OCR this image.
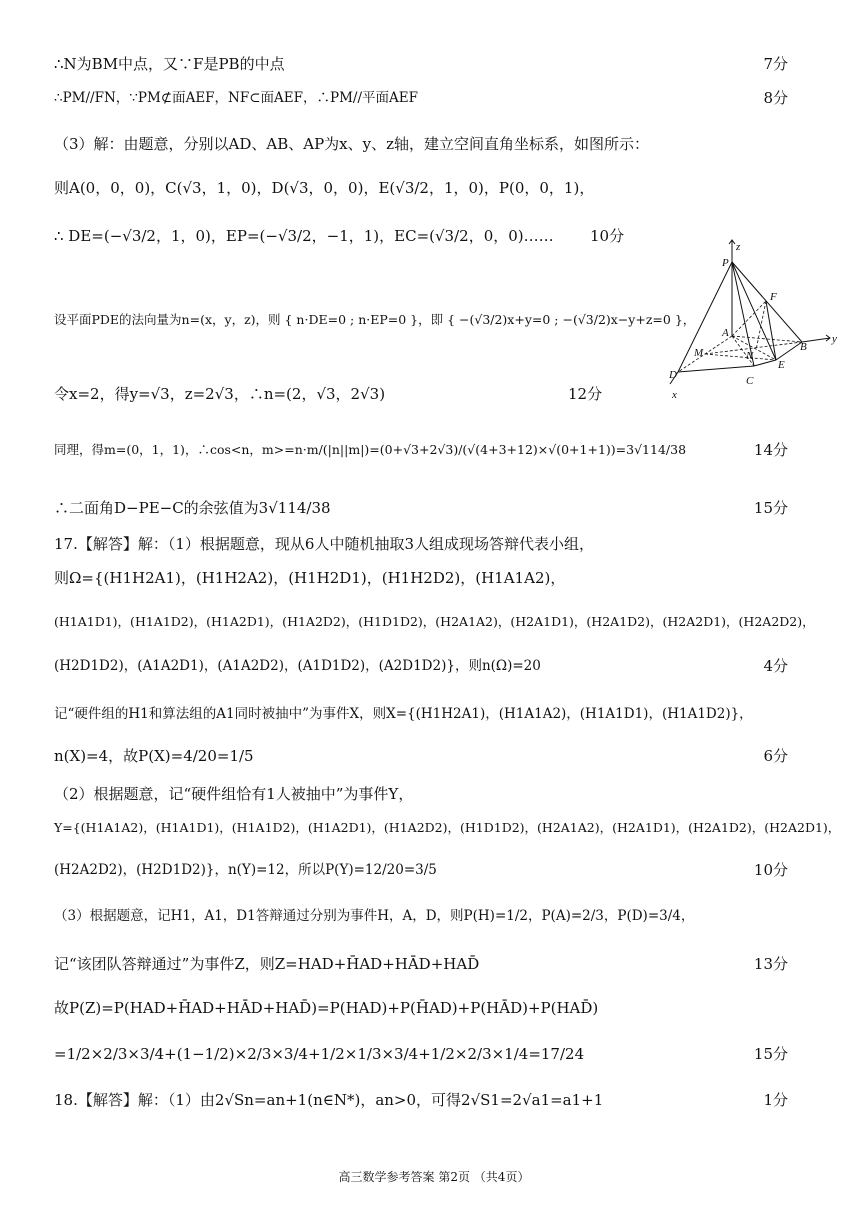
∴N为BM中点，又∵F是PB的中点	7分
∴PM//FN，∵PM⊄面AEF，NF⊂面AEF，∴PM//平面AEF	8分
（3）解：由题意，分别以AD、AB、AP为x、y、z轴，建立空间直角坐标系，如图所示：
则A(0，0，0)，C(√3，1，0)，D(√3，0，0)，E(√3/2，1，0)，P(0，0，1)，
∴ DE=(−√3/2，1，0)，EP=(−√3/2，−1，1)，EC=(√3/2，0，0)…… 10分
设平面PDE的法向量为n=(x，y，z)，则 { n·DE=0 ; n·EP=0 }，即 { −(√3/2)x+y=0 ; −(√3/2)x−y+z=0 }，
令x=2，得y=√3，z=2√3，∴n=(2，√3，2√3)	12分
同理，得m=(0，1，1)，∴cos<n，m>=n·m/(|n||m|)=(0+√3+2√3)/(√(4+3+12)×√(0+1+1))=3√114/38	14分
∴二面角D−PE−C的余弦值为3√114/38	15分
17.【解答】解：（1）根据题意，现从6人中随机抽取3人组成现场答辩代表小组，
则Ω={(H1H2A1)，(H1H2A2)，(H1H2D1)，(H1H2D2)，(H1A1A2)，
(H1A1D1)，(H1A1D2)，(H1A2D1)，(H1A2D2)，(H1D1D2)，(H2A1A2)，(H2A1D1)，(H2A1D2)，(H2A2D1)，(H2A2D2)，
(H2D1D2)，(A1A2D1)，(A1A2D2)，(A1D1D2)，(A2D1D2)}，则n(Ω)=20	4分
记“硬件组的H1和算法组的A1同时被抽中”为事件X，则X={(H1H2A1)，(H1A1A2)，(H1A1D1)，(H1A1D2)}，
n(X)=4，故P(X)=4/20=1/5	6分
（2）根据题意，记“硬件组恰有1人被抽中”为事件Y，
Y={(H1A1A2)，(H1A1D1)，(H1A1D2)，(H1A2D1)，(H1A2D2)，(H1D1D2)，(H2A1A2)，(H2A1D1)，(H2A1D2)，(H2A2D1)，
(H2A2D2)，(H2D1D2)}，n(Y)=12，所以P(Y)=12/20=3/5	10分
（3）根据题意，记H1，A1，D1答辩通过分别为事件H，A，D，则P(H)=1/2，P(A)=2/3，P(D)=3/4，
记“该团队答辩通过”为事件Z，则Z=HAD+H̄AD+HĀD+HAD̄	13分
故P(Z)=P(HAD+H̄AD+HĀD+HAD̄)=P(HAD)+P(H̄AD)+P(HĀD)+P(HAD̄)
=1/2×2/3×3/4+(1−1/2)×2/3×3/4+1/2×1/3×3/4+1/2×2/3×1/4=17/24	15分
18.【解答】解：（1）由2√Sn=an+1(n∈N*)，an>0，可得2√S1=2√a1=a1+1	1分
P
z
F
A	y
M	N
B
D
E
C
x
高三数学参考答案 第2页 （共4页）
